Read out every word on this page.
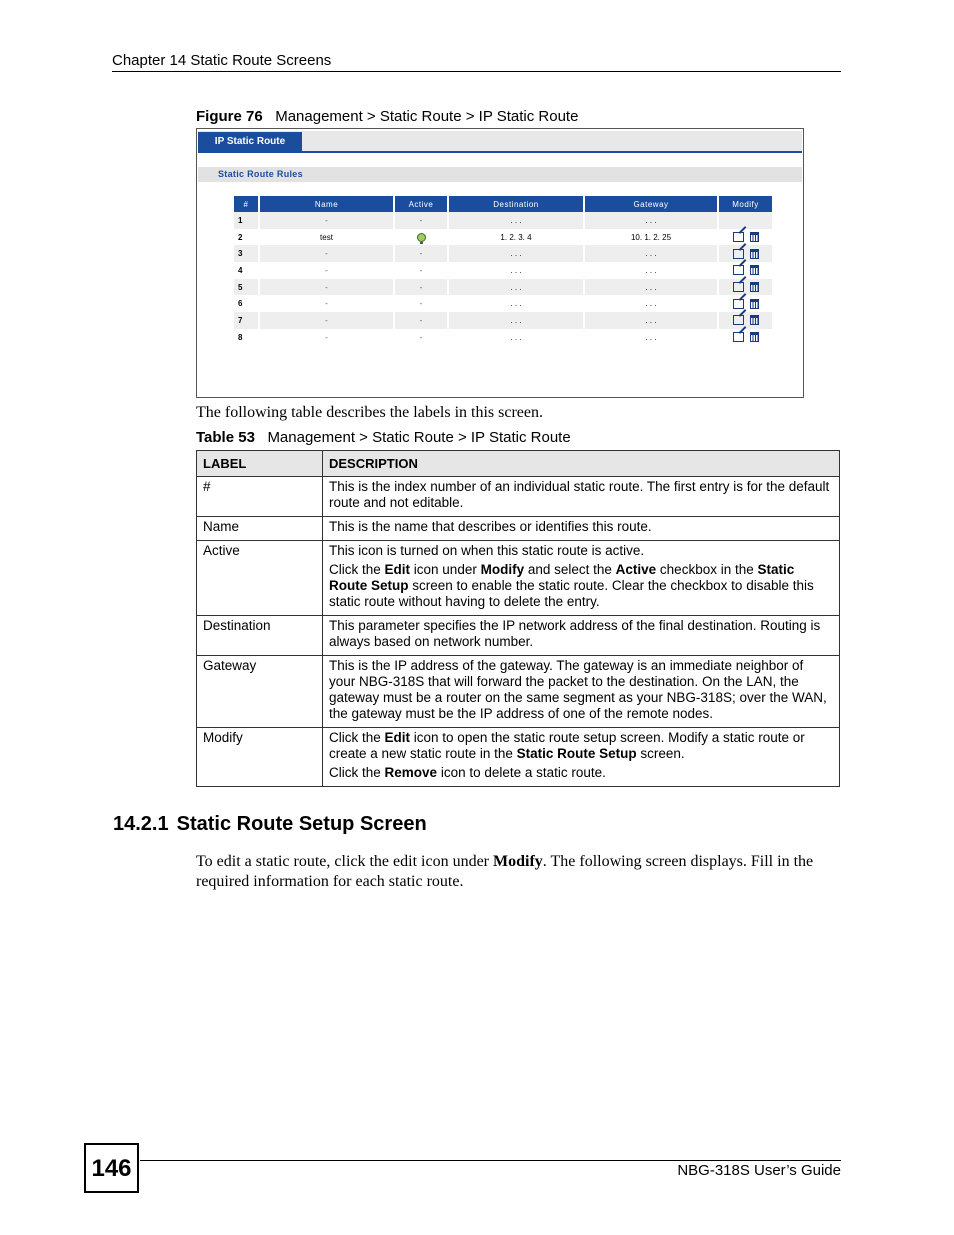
Chapter 14 Static Route Screens
Figure 76 Management > Static Route > IP Static Route
IP Static Route
Static Route Rules
#	Name	Active	Destination	Gateway	Modify
1	-	-	. . .	. . .	
2	test		1. 2. 3. 4	10. 1. 2. 25	
3	-	-	. . .	. . .	
4	-	-	. . .	. . .	
5	-	-	. . .	. . .	
6	-	-	. . .	. . .	
7	-	-	. . .	. . .	
8	-	-	. . .	. . .	
The following table describes the labels in this screen.
Table 53 Management > Static Route > IP Static Route
LABEL	DESCRIPTION
#	This is the index number of an individual static route. The first entry is for the default route and not editable.

Name	This is the name that describes or identifies this route.

Active	This icon is turned on when this static route is active.

Click the Edit icon under Modify and select the Active checkbox in the Static Route Setup screen to enable the static route. Clear the checkbox to disable this static route without having to delete the entry.

Destination	This parameter specifies the IP network address of the final destination. Routing is always based on network number.

Gateway	This is the IP address of the gateway. The gateway is an immediate neighbor of your NBG-318S that will forward the packet to the destination. On the LAN, the gateway must be a router on the same segment as your NBG-318S; over the WAN, the gateway must be the IP address of one of the remote nodes.

Modify	Click the Edit icon to open the static route setup screen. Modify a static route or create a new static route in the Static Route Setup screen.

Click the Remove icon to delete a static route.

14.2.1 Static Route Setup Screen
To edit a static route, click the edit icon under Modify. The following screen displays. Fill in the required information for each static route.
146	NBG-318S User’s Guide
